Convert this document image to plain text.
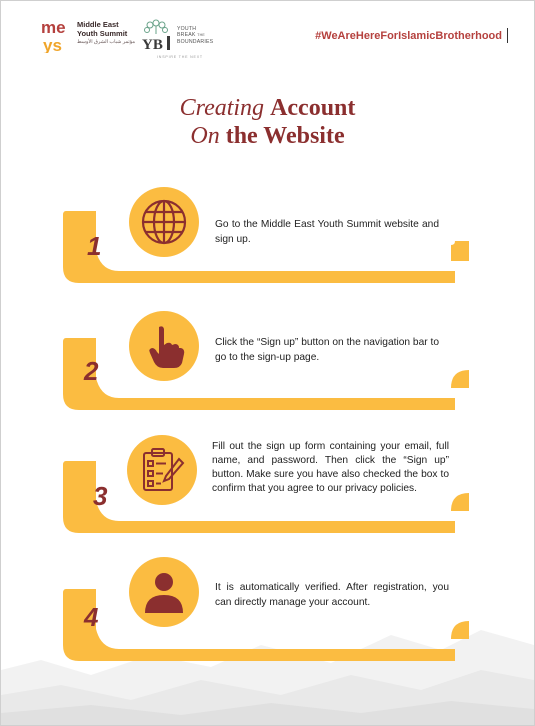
me
ys
Middle East
Youth Summit
مؤتمر شباب الشرق الأوسط YB
YOUTH
BREAK THE
BOUNDARIES
INSPIRE THE NEXT
#WeAreHereForIslamicBrotherhood
Creating Account
On the Website
1
Go to the Middle East Youth Summit website and sign up.
2
Click the “Sign up” button on the navigation bar to go to the sign-up page.
3
Fill out the sign up form containing your email, full name, and password. Then click the “Sign up” button. Make sure you have also checked the box to confirm that you agree to our privacy policies.
4
It is automatically verified. After registration, you can directly manage your account.
